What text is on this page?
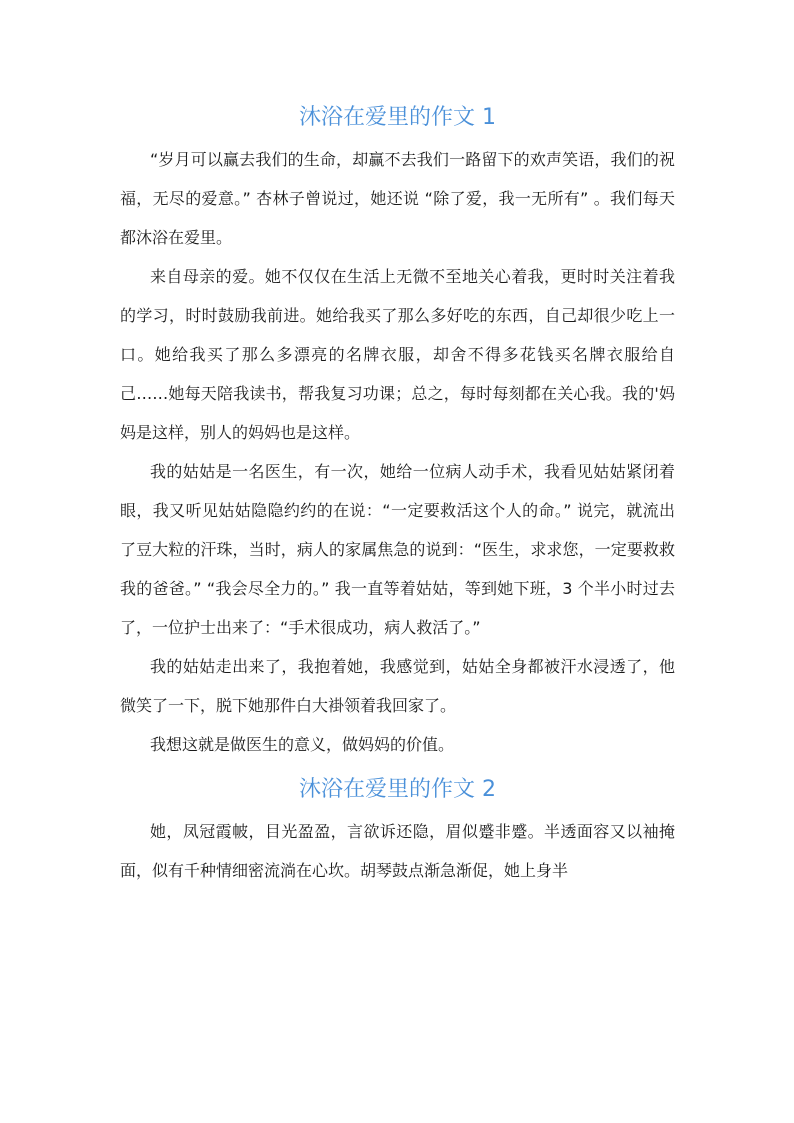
沐浴在爱里的作文 1

“岁月可以赢去我们的生命，却赢不去我们一路留下的欢声笑语，我们的祝福，无尽的爱意。” 杏林子曾说过，她还说 “除了爱，我一无所有” 。我们每天都沐浴在爱里。

来自母亲的爱。她不仅仅在生活上无微不至地关心着我，更时时关注着我的学习，时时鼓励我前进。她给我买了那么多好吃的东西，自己却很少吃上一口。她给我买了那么多漂亮的名牌衣服，却舍不得多花钱买名牌衣服给自己……她每天陪我读书，帮我复习功课；总之，每时每刻都在关心我。我的'妈妈是这样，别人的妈妈也是这样。

我的姑姑是一名医生，有一次，她给一位病人动手术，我看见姑姑紧闭着眼，我又听见姑姑隐隐约约的在说：“一定要救活这个人的命。” 说完，就流出了豆大粒的汗珠，当时，病人的家属焦急的说到：“医生，求求您，一定要救救我的爸爸。” “我会尽全力的。” 我一直等着姑姑，等到她下班，3 个半小时过去了，一位护士出来了：“手术很成功，病人救活了。”

我的姑姑走出来了，我抱着她，我感觉到，姑姑全身都被汗水浸透了，他微笑了一下，脱下她那件白大褂领着我回家了。

我想这就是做医生的意义，做妈妈的价值。

沐浴在爱里的作文 2

她，凤冠霞帔，目光盈盈，言欲诉还隐，眉似蹙非蹙。半透面容又以袖掩面，似有千种情细密流淌在心坎。胡琴鼓点渐急渐促，她上身半
